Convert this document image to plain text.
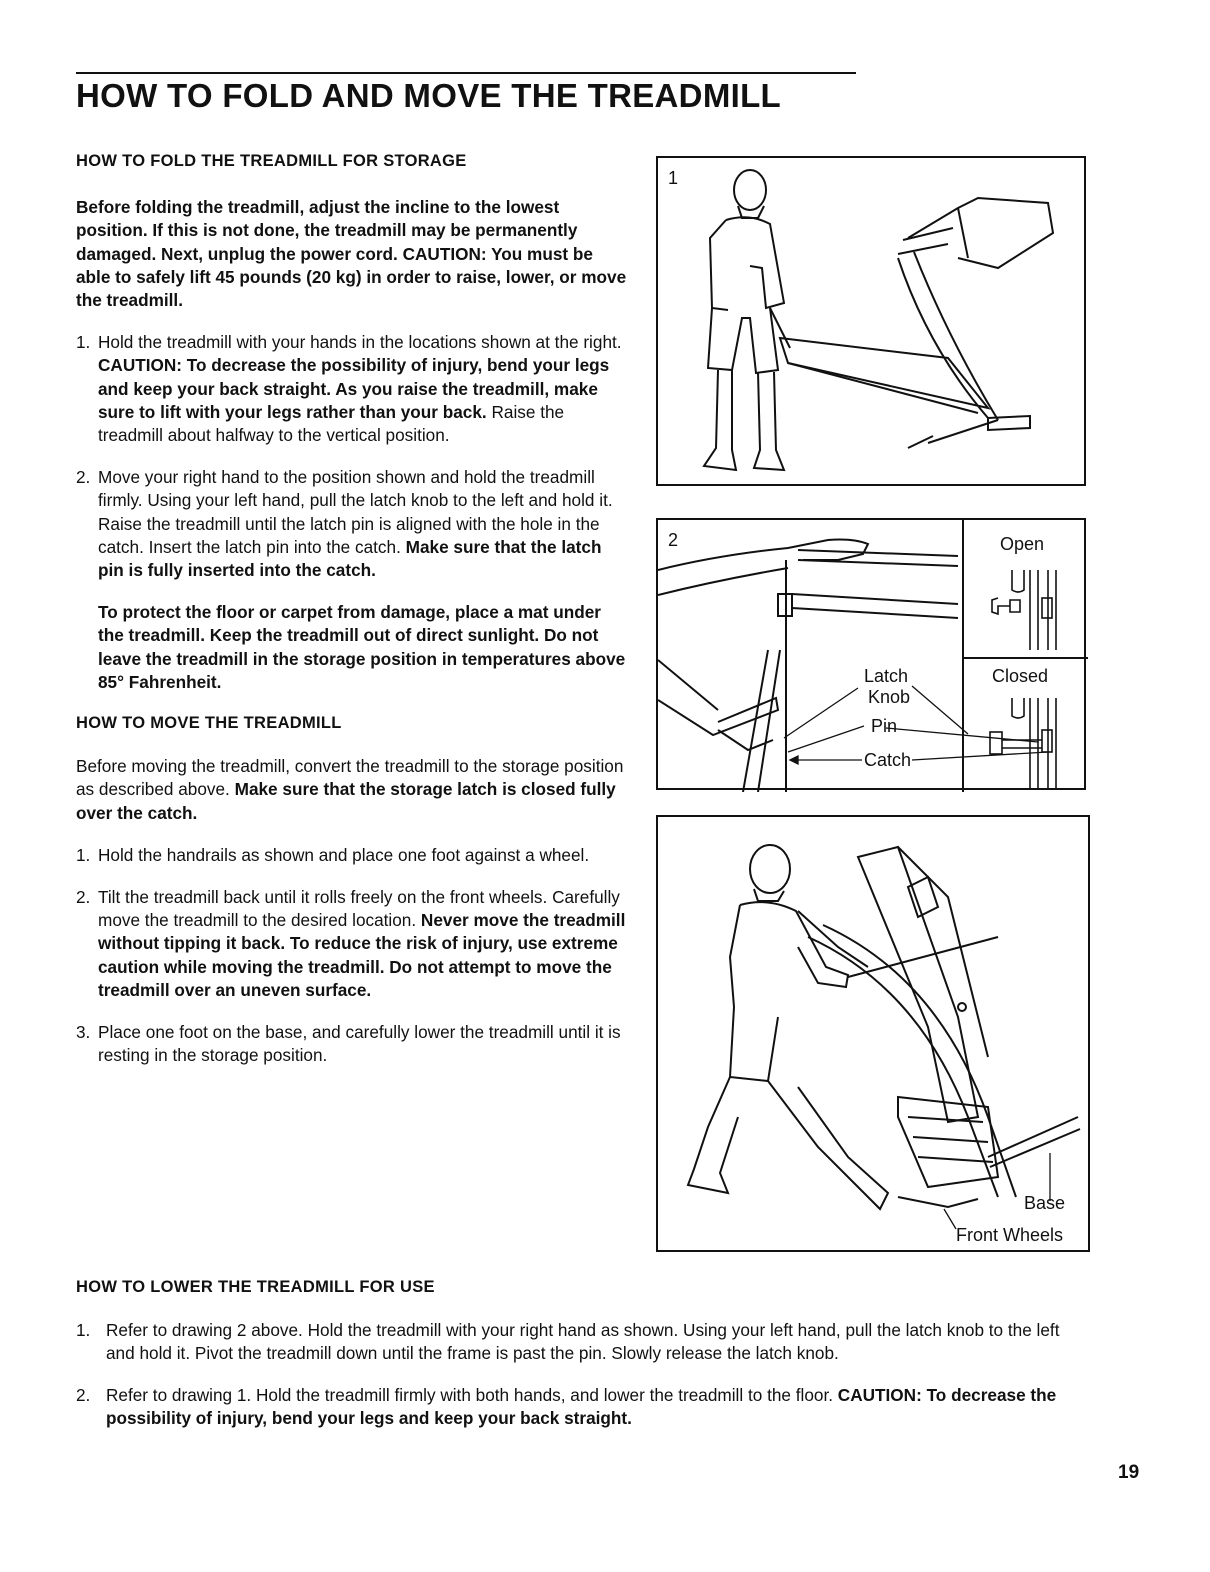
HOW TO FOLD AND MOVE THE TREADMILL

HOW TO FOLD THE TREADMILL FOR STORAGE

Before folding the treadmill, adjust the incline to the lowest position. If this is not done, the treadmill may be permanently damaged. Next, unplug the power cord. CAUTION: You must be able to safely lift 45 pounds (20 kg) in order to raise, lower, or move the treadmill.

1. Hold the treadmill with your hands in the locations shown at the right. CAUTION: To decrease the possibility of injury, bend your legs and keep your back straight. As you raise the treadmill, make sure to lift with your legs rather than your back. Raise the treadmill about halfway to the vertical position.
2. Move your right hand to the position shown and hold the treadmill firmly. Using your left hand, pull the latch knob to the left and hold it. Raise the treadmill until the latch pin is aligned with the hole in the catch. Insert the latch pin into the catch. Make sure that the latch pin is fully inserted into the catch.

To protect the floor or carpet from damage, place a mat under the treadmill. Keep the treadmill out of direct sunlight. Do not leave the treadmill in the storage position in temperatures above 85° Fahrenheit.

HOW TO MOVE THE TREADMILL

Before moving the treadmill, convert the treadmill to the storage position as described above. Make sure that the storage latch is closed fully over the catch.

1. Hold the handrails as shown and place one foot against a wheel.
2. Tilt the treadmill back until it rolls freely on the front wheels. Carefully move the treadmill to the desired location. Never move the treadmill without tipping it back. To reduce the risk of injury, use extreme caution while moving the treadmill. Do not attempt to move the treadmill over an uneven surface.
3. Place one foot on the base, and carefully lower the treadmill until it is resting in the storage position.
1
2	Open
Closed
Latch
Knob
Pin
Catch
Base
Front Wheels

HOW TO LOWER THE TREADMILL FOR USE

1. Refer to drawing 2 above. Hold the treadmill with your right hand as shown. Using your left hand, pull the latch knob to the left and hold it. Pivot the treadmill down until the frame is past the pin. Slowly release the latch knob.
2. Refer to drawing 1. Hold the treadmill firmly with both hands, and lower the treadmill to the floor. CAUTION: To decrease the possibility of injury, bend your legs and keep your back straight.
19
